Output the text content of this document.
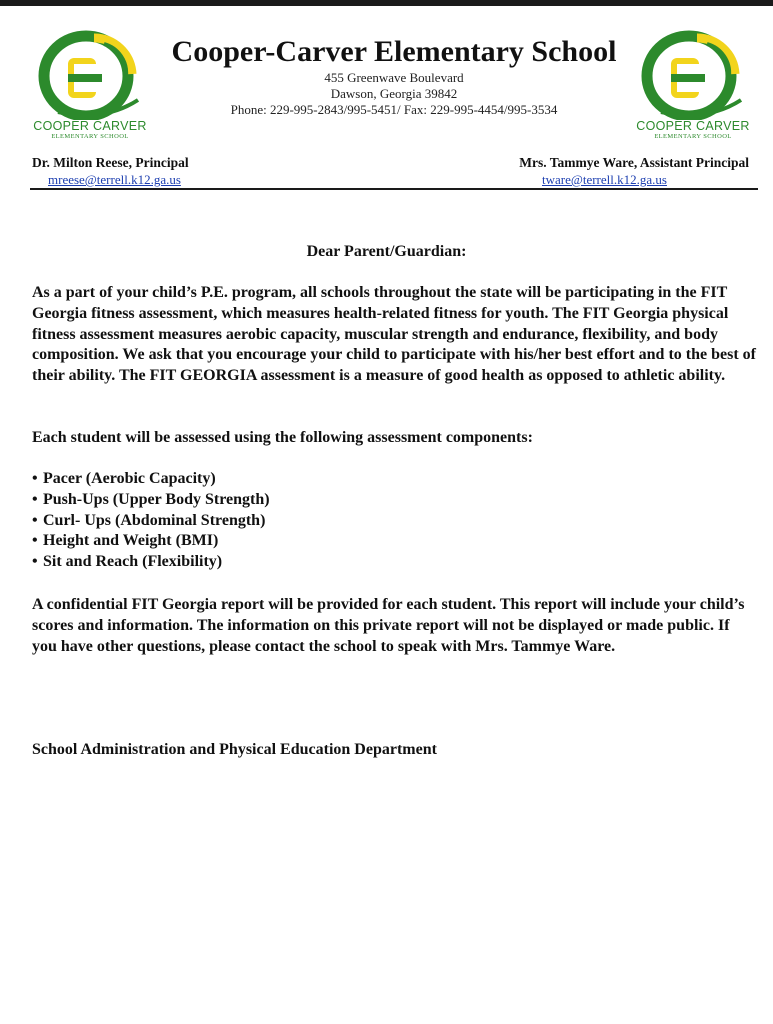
COOPER CARVER
ELEMENTARY SCHOOL
COOPER CARVER
ELEMENTARY SCHOOL
Cooper-Carver Elementary School
455 Greenwave Boulevard
Dawson, Georgia 39842
Phone: 229-995-2843/995-5451/ Fax: 229-995-4454/995-3534
Dr. Milton Reese, Principal	Mrs. Tammye Ware, Assistant Principal
mreese@terrell.k12.ga.us	tware@terrell.k12.ga.us
Dear Parent/Guardian:

As a part of your child’s P.E. program, all schools throughout the state will be participating in the FIT Georgia fitness assessment, which measures health-related fitness for youth. The FIT Georgia physical fitness assessment measures aerobic capacity, muscular strength and endurance, flexibility, and body composition. We ask that you encourage your child to participate with his/her best effort and to the best of their ability. The FIT GEORGIA assessment is a measure of good health as opposed to athletic ability.

Each student will be assessed using the following assessment components:

• Pacer (Aerobic Capacity)
• Push-Ups (Upper Body Strength)
• Curl- Ups (Abdominal Strength)
• Height and Weight (BMI)
• Sit and Reach (Flexibility)

A confidential FIT Georgia report will be provided for each student. This report will include your child’s scores and information. The information on this private report will not be displayed or made public. If you have other questions, please contact the school to speak with Mrs. Tammye Ware.

School Administration and Physical Education Department
